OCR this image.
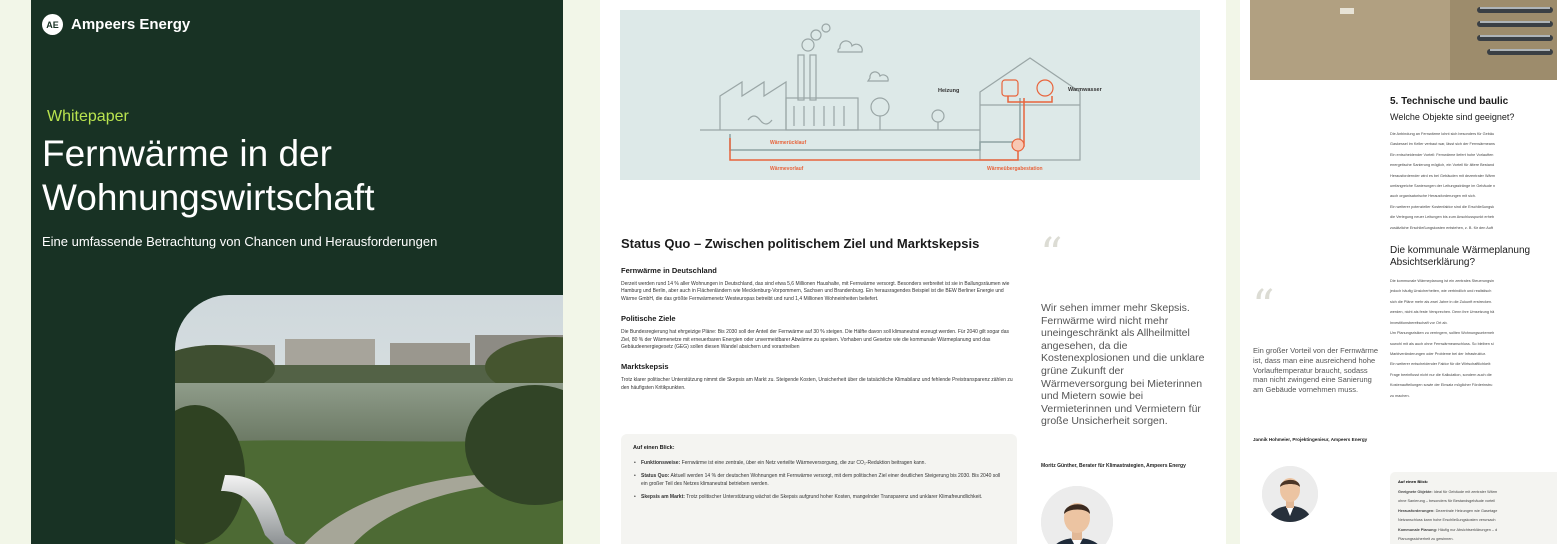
AE Ampeers Energy
Whitepaper
Fernwärme in der
Wohnungswirtschaft
Eine umfassende Betrachtung von Chancen und Herausforderungen
Heizung	Warmwasser
Wärmerücklauf
Wärmevorlauf	Wärmeübergabestation
Status Quo – Zwischen politischem Ziel und Marktskepsis
Fernwärme in Deutschland

Derzeit werden rund 14 % aller Wohnungen in Deutschland, das sind etwa 5,6 Millionen Haushalte, mit Fernwärme versorgt. Besonders verbreitet ist sie in Ballungsräumen wie Hamburg und Berlin, aber auch in Flächenländern wie Mecklenburg-Vorpommern, Sachsen und Brandenburg. Ein herausragendes Beispiel ist die BEW Berliner Energie und Wärme GmbH, die das größte Fernwärmenetz Westeuropas betreibt und rund 1,4 Millionen Wohneinheiten beliefert.

Politische Ziele

Die Bundesregierung hat ehrgeizige Pläne: Bis 2030 soll der Anteil der Fernwärme auf 30 % steigen. Die Hälfte davon soll klimaneutral erzeugt werden. Für 2040 gilt sogar das Ziel, 80 % der Wärmenetze mit erneuerbaren Energien oder unvermeidbarer Abwärme zu speisen. Vorhaben und Gesetze wie die kommunale Wärmeplanung und das Gebäudeenergiegesetz (GEG) sollen diesen Wandel absichern und vorantreiben

Marktskepsis

Trotz klarer politischer Unterstützung nimmt die Skepsis am Markt zu. Steigende Kosten, Unsicherheit über die tatsächliche Klimabilanz und fehlende Preistransparenz zählen zu den häufigsten Kritikpunkten.

Auf einen Blick:
• Funktionsweise: Fernwärme ist eine zentrale, über ein Netz verteilte Wärmeversorgung, die zur CO₂-Reduktion beitragen kann.
• Status Quo: Aktuell werden 14 % der deutschen Wohnungen mit Fernwärme versorgt, mit dem politischen Ziel einer deutlichen Steigerung bis 2030. Bis 2040 soll ein großer Teil des Netzes klimaneutral betrieben werden.
• Skepsis am Markt: Trotz politischer Unterstützung wächst die Skepsis aufgrund hoher Kosten, mangelnder Transparenz und unklarer Klimafreundlichkeit.
“

Wir sehen immer mehr Skepsis. Fernwärme wird nicht mehr uneingeschränkt als Allheilmittel angesehen, da die Kostenexplosionen und die unklare grüne Zukunft der Wärmeversorgung bei Mieterinnen und Mietern sowie bei Vermieterinnen und Vermietern für große Unsicherheit sorgen.

Moritz Günther, Berater für Klimastrategien, Ampeers Energy
“

Ein großer Vorteil von der Fernwärme ist, dass man eine ausreichend hohe Vorlauftemperatur braucht, sodass man nicht zwingend eine Sanierung am Gebäude vornehmen muss.

Jannik Hohmeier, Projektingenieur, Ampeers Energy
5. Technische und baulic
Welche Objekte sind geeignet?
Die Anbindung an Fernwärme lohnt sich besonders für Gebäu
Gaskessel im Keller verbaut war, lässt sich der Fernwärmeans
Ein entscheidender Vorteil: Fernwärme liefert hohe Vorlauften
energetische Sanierung möglich, ein Vorteil für ältere Bestand
Herausfordernder wird es bei Gebäuden mit dezentraler Wärm
umfangreiche Sanierungen der Leitungsstränge im Gebäude n
auch organisatorische Herausforderungen mit sich.
Ein weiterer potenzieller Kostenfaktor sind die Erschließungsk
die Verlegung neuer Leitungen bis zum Anschlusspunkt erheb
zusätzliche Erschließungskosten entstehen, z. B. für den Auft
Die kommunale Wärmeplanung
Absichtserklärung?
Die kommunale Wärmeplanung ist ein zentrales Steuerungsin
jedoch häufig Unsicherheiten, wie verbindlich und realistisch
sich die Pläne mehr als zwei Jahre in die Zukunft erstrecken.
werden, nicht als feste Versprechen. Denn ihre Umsetzung hä
Investitionsbereitschaft vor Ort ab.
Um Planungsrisiken zu verringern, sollten Wohnungsunterneh
sowohl mit als auch ohne Fernwärmeanschluss. So bleiben si
Marktveränderungen oder Probleme bei der Infrastruktur.
Ein weiterer entscheidender Faktor für die Wirtschaftlichkeit:
Frage beeinflusst nicht nur die Kalkulation, sondern auch die
Kostenaufteilungen sowie der Einsatz möglicher Förderinstru
zu machen.
Auf einen Blick:
Geeignete Objekte: Ideal für Gebäude mit zentraler Wärm
ohne Sanierung – besonders für Bestandsgebäude vorteil
Herausforderungen: Dezentrale Heizungen wie Gasetage
Netzanschluss kann hohe Erschließungskosten verursach
Kommunale Planung: Häufig nur Absichtserklärungen – d
Planungssicherheit zu gewinnen.
